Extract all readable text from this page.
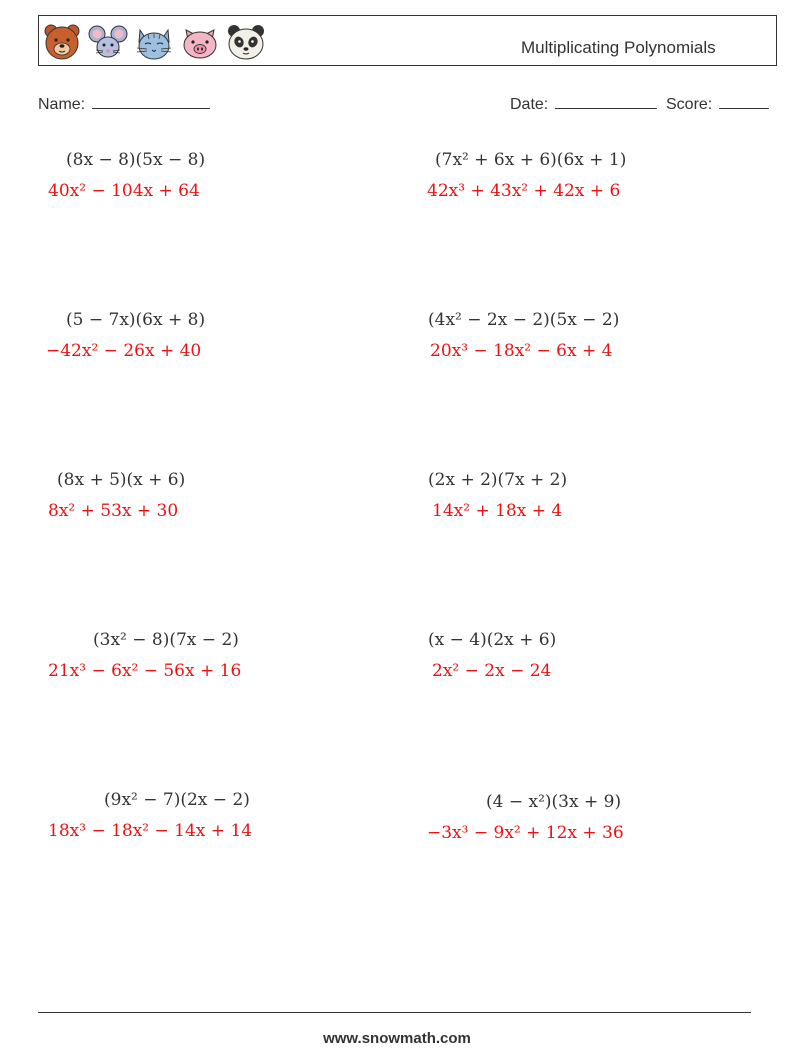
Multiplicating Polynomials
Name:	Date:	Score:
(8x − 8)(5x − 8)
40x² − 104x + 64
(7x² + 6x + 6)(6x + 1)
42x³ + 43x² + 42x + 6
(5 − 7x)(6x + 8)
−42x² − 26x + 40
(4x² − 2x − 2)(5x − 2)
20x³ − 18x² − 6x + 4
(8x + 5)(x + 6)
8x² + 53x + 30
(2x + 2)(7x + 2)
14x² + 18x + 4
(3x² − 8)(7x − 2)
21x³ − 6x² − 56x + 16
(x − 4)(2x + 6)
2x² − 2x − 24
(9x² − 7)(2x − 2)
18x³ − 18x² − 14x + 14
(4 − x²)(3x + 9)
−3x³ − 9x² + 12x + 36
www.snowmath.com
